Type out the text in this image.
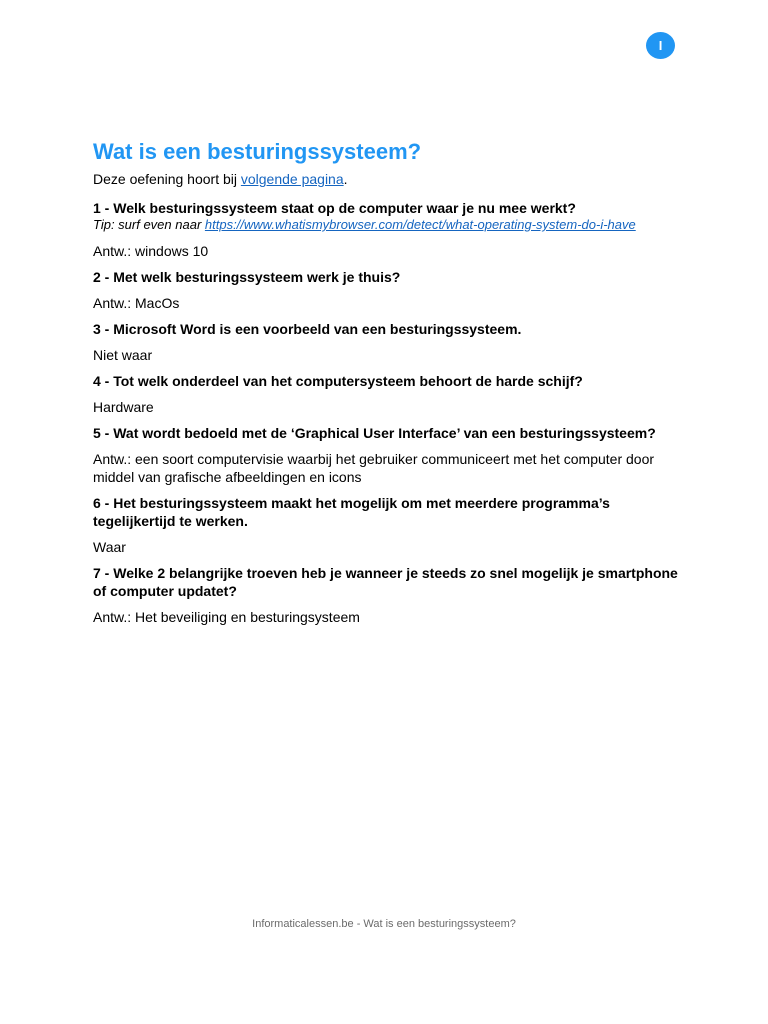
I
Wat is een besturingssysteem?

Deze oefening hoort bij volgende pagina.

1 - Welk besturingssysteem staat op de computer waar je nu mee werkt?

Tip: surf even naar https://www.whatismybrowser.com/detect/what-operating-system-do-i-have

Antw.: windows 10

2 - Met welk besturingssysteem werk je thuis?

Antw.: MacOs

3 - Microsoft Word is een voorbeeld van een besturingssysteem.

Niet waar

4 - Tot welk onderdeel van het computersysteem behoort de harde schijf?

Hardware

5 - Wat wordt bedoeld met de ‘Graphical User Interface’ van een besturingssysteem?

Antw.: een soort computervisie waarbij het gebruiker communiceert met het computer door middel van grafische afbeeldingen en icons

6 - Het besturingssysteem maakt het mogelijk om met meerdere programma’s tegelijkertijd te werken.

Waar

7 - Welke 2 belangrijke troeven heb je wanneer je steeds zo snel mogelijk je smartphone of computer updatet?

Antw.: Het beveiliging en besturingsysteem

Informaticalessen.be - Wat is een besturingssysteem?
